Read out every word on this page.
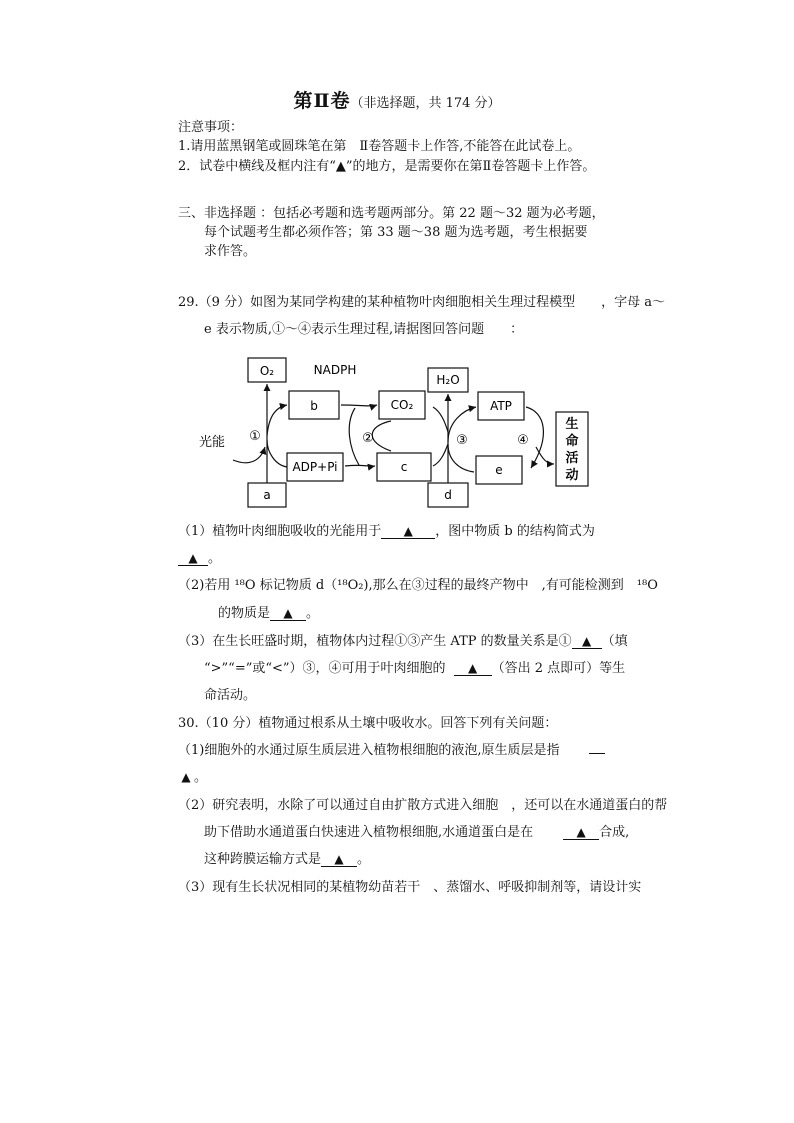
第Ⅱ卷（非选择题，共 174 分）
注意事项：
1.请用蓝黑钢笔或圆珠笔在第　Ⅱ卷答题卡上作答,不能答在此试卷上。
2．试卷中横线及框内注有“▲”的地方，是需要你在第Ⅱ卷答题卡上作答。
三、非选择题 ：包括必考题和选考题两部分。第 22 题～32 题为必考题，
每个试题考生都必须作答；第 33 题～38 题为选考题，考生根据要
求作答。
29.（9 分）如图为某同学构建的某种植物叶肉细胞相关生理过程模型　　，字母 a～
e 表示物质,①～④表示生理过程,请据图回答问题　　：
O₂	NADPH
b	CO₂
H₂O
ATP
光能 ①	②	③	④
ADP+Pi	c	e
a	d
生
命
活
动
（1）植物叶肉细胞吸收的光能用于 ▲ ，图中物质 b 的结构简式为
▲ 。
（2)若用 ¹⁸O 标记物质 d（¹⁸O₂),那么在③过程的最终产物中　,有可能检测到　¹⁸O
的物质是 ▲ 。
（3）在生长旺盛时期，植物体内过程①③产生 ATP 的数量关系是① ▲ （填
“>”“=”或“<”）③，④可用于叶肉细胞的 ▲ （答出 2 点即可）等生
命活动。
30.（10 分）植物通过根系从土壤中吸收水。回答下列有关问题：
（1)细胞外的水通过原生质层进入植物根细胞的液泡,原生质层是指
▲ 。
（2）研究表明，水除了可以通过自由扩散方式进入细胞　，还可以在水通道蛋白的帮
助下借助水通道蛋白快速进入植物根细胞,水通道蛋白是在	▲ 合成,
这种跨膜运输方式是 ▲ 。
（3）现有生长状况相同的某植物幼苗若干　、蒸馏水、呼吸抑制剂等，请设计实
